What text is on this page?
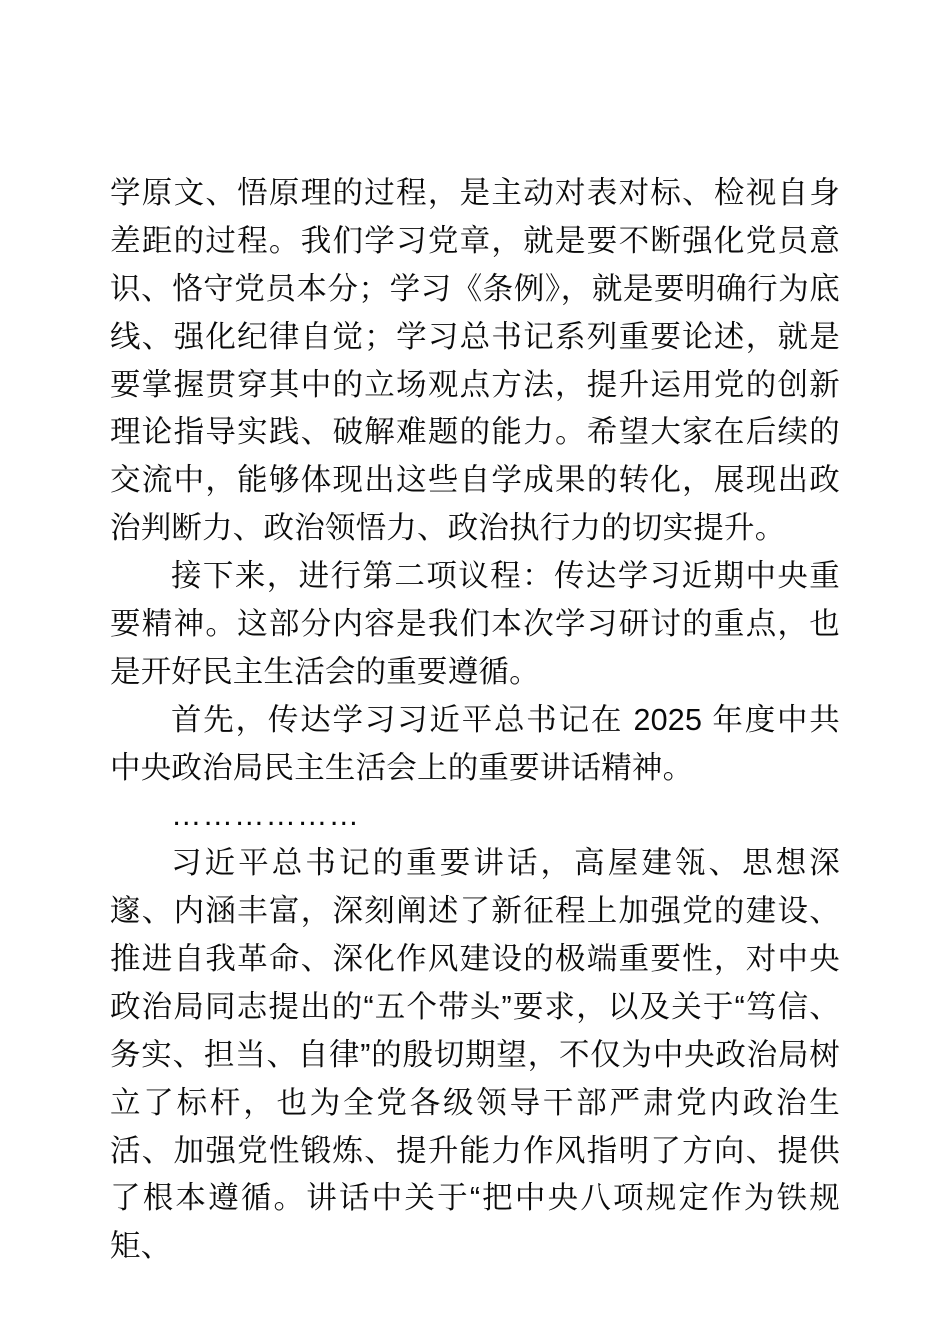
学原文、悟原理的过程，是主动对表对标、检视自身差距的过程。我们学习党章，就是要不断强化党员意识、恪守党员本分；学习《条例》，就是要明确行为底线、强化纪律自觉；学习总书记系列重要论述，就是要掌握贯穿其中的立场观点方法，提升运用党的创新理论指导实践、破解难题的能力。希望大家在后续的交流中，能够体现出这些自学成果的转化，展现出政治判断力、政治领悟力、政治执行力的切实提升。

接下来，进行第二项议程：传达学习近期中央重要精神。这部分内容是我们本次学习研讨的重点，也是开好民主生活会的重要遵循。

首先，传达学习习近平总书记在 2025 年度中共中央政治局民主生活会上的重要讲话精神。

………………

习近平总书记的重要讲话，高屋建瓴、思想深邃、内涵丰富，深刻阐述了新征程上加强党的建设、推进自我革命、深化作风建设的极端重要性，对中央政治局同志提出的“五个带头”要求，以及关于“笃信、务实、担当、自律”的殷切期望，不仅为中央政治局树立了标杆，也为全党各级领导干部严肃党内政治生活、加强党性锻炼、提升能力作风指明了方向、提供了根本遵循。讲话中关于“把中央八项规定作为铁规矩、
